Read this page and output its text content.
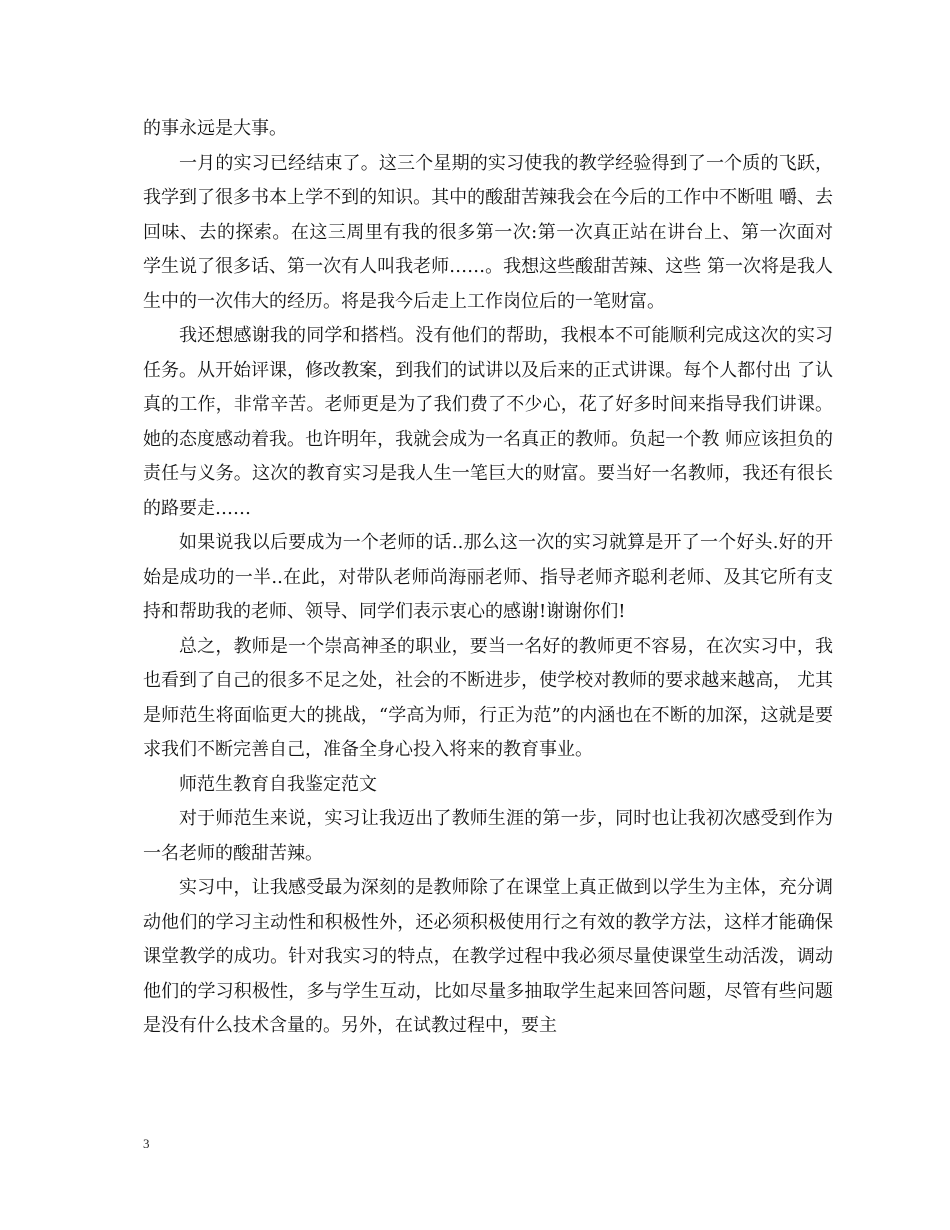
的事永远是大事。

一月的实习已经结束了。这三个星期的实习使我的教学经验得到了一个质的飞跃，我学到了很多书本上学不到的知识。其中的酸甜苦辣我会在今后的工作中不断咀 嚼、去回味、去的探索。在这三周里有我的很多第一次:第一次真正站在讲台上、第一次面对学生说了很多话、第一次有人叫我老师……。我想这些酸甜苦辣、这些 第一次将是我人生中的一次伟大的经历。将是我今后走上工作岗位后的一笔财富。

我还想感谢我的同学和搭档。没有他们的帮助，我根本不可能顺利完成这次的实习任务。从开始评课，修改教案，到我们的试讲以及后来的正式讲课。每个人都付出 了认真的工作，非常辛苦。老师更是为了我们费了不少心，花了好多时间来指导我们讲课。她的态度感动着我。也许明年，我就会成为一名真正的教师。负起一个教 师应该担负的责任与义务。这次的教育实习是我人生一笔巨大的财富。要当好一名教师，我还有很长的路要走……

如果说我以后要成为一个老师的话..那么这一次的实习就算是开了一个好头.好的开始是成功的一半..在此，对带队老师尚海丽老师、指导老师齐聪利老师、及其它所有支持和帮助我的老师、领导、同学们表示衷心的感谢!谢谢你们!

总之，教师是一个崇高神圣的职业，要当一名好的教师更不容易，在次实习中，我也看到了自己的很多不足之处，社会的不断进步，使学校对教师的要求越来越高， 尤其是师范生将面临更大的挑战，“学高为师，行正为范”的内涵也在不断的加深，这就是要求我们不断完善自己，准备全身心投入将来的教育事业。

师范生教育自我鉴定范文

对于师范生来说，实习让我迈出了教师生涯的第一步，同时也让我初次感受到作为一名老师的酸甜苦辣。

实习中，让我感受最为深刻的是教师除了在课堂上真正做到以学生为主体，充分调动他们的学习主动性和积极性外，还必须积极使用行之有效的教学方法，这样才能确保课堂教学的成功。针对我实习的特点，在教学过程中我必须尽量使课堂生动活泼，调动他们的学习积极性，多与学生互动，比如尽量多抽取学生起来回答问题，尽管有些问题是没有什么技术含量的。另外，在试教过程中，要主

3
